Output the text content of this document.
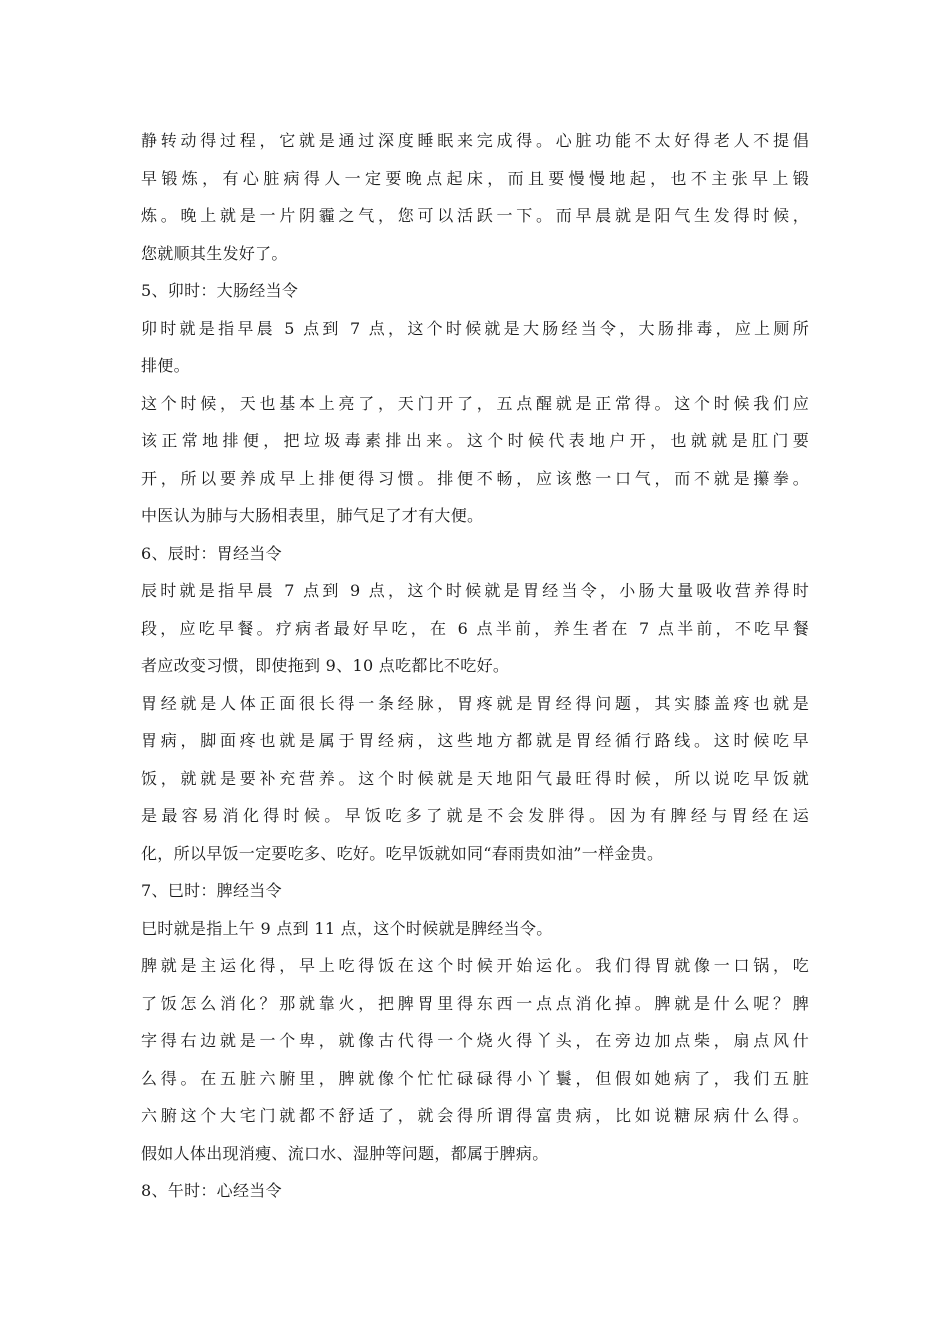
静转动得过程，它就是通过深度睡眠来完成得。心脏功能不太好得老人不提倡
早锻炼，有心脏病得人一定要晚点起床，而且要慢慢地起，也不主张早上锻
炼。晚上就是一片阴霾之气，您可以活跃一下。而早晨就是阳气生发得时候，
您就顺其生发好了。
5、卯时：大肠经当令
卯时就是指早晨 5 点到 7 点，这个时候就是大肠经当令，大肠排毒，应上厕所
排便。
这个时候，天也基本上亮了，天门开了，五点醒就是正常得。这个时候我们应
该正常地排便，把垃圾毒素排出来。这个时候代表地户开，也就就是肛门要
开，所以要养成早上排便得习惯。排便不畅，应该憋一口气，而不就是攥拳。
中医认为肺与大肠相表里，肺气足了才有大便。
6、辰时：胃经当令
辰时就是指早晨 7 点到 9 点，这个时候就是胃经当令，小肠大量吸收营养得时
段，应吃早餐。疗病者最好早吃，在 6 点半前，养生者在 7 点半前，不吃早餐
者应改变习惯，即使拖到 9、10 点吃都比不吃好。
胃经就是人体正面很长得一条经脉，胃疼就是胃经得问题，其实膝盖疼也就是
胃病，脚面疼也就是属于胃经病，这些地方都就是胃经循行路线。这时候吃早
饭，就就是要补充营养。这个时候就是天地阳气最旺得时候，所以说吃早饭就
是最容易消化得时候。早饭吃多了就是不会发胖得。因为有脾经与胃经在运
化，所以早饭一定要吃多、吃好。吃早饭就如同“春雨贵如油”一样金贵。
7、巳时：脾经当令
巳时就是指上午 9 点到 11 点，这个时候就是脾经当令。
脾就是主运化得，早上吃得饭在这个时候开始运化。我们得胃就像一口锅，吃
了饭怎么消化？那就靠火，把脾胃里得东西一点点消化掉。脾就是什么呢？脾
字得右边就是一个卑，就像古代得一个烧火得丫头，在旁边加点柴，扇点风什
么得。在五脏六腑里，脾就像个忙忙碌碌得小丫鬟，但假如她病了，我们五脏
六腑这个大宅门就都不舒适了，就会得所谓得富贵病，比如说糖尿病什么得。
假如人体出现消瘦、流口水、湿肿等问题，都属于脾病。
8、午时：心经当令
